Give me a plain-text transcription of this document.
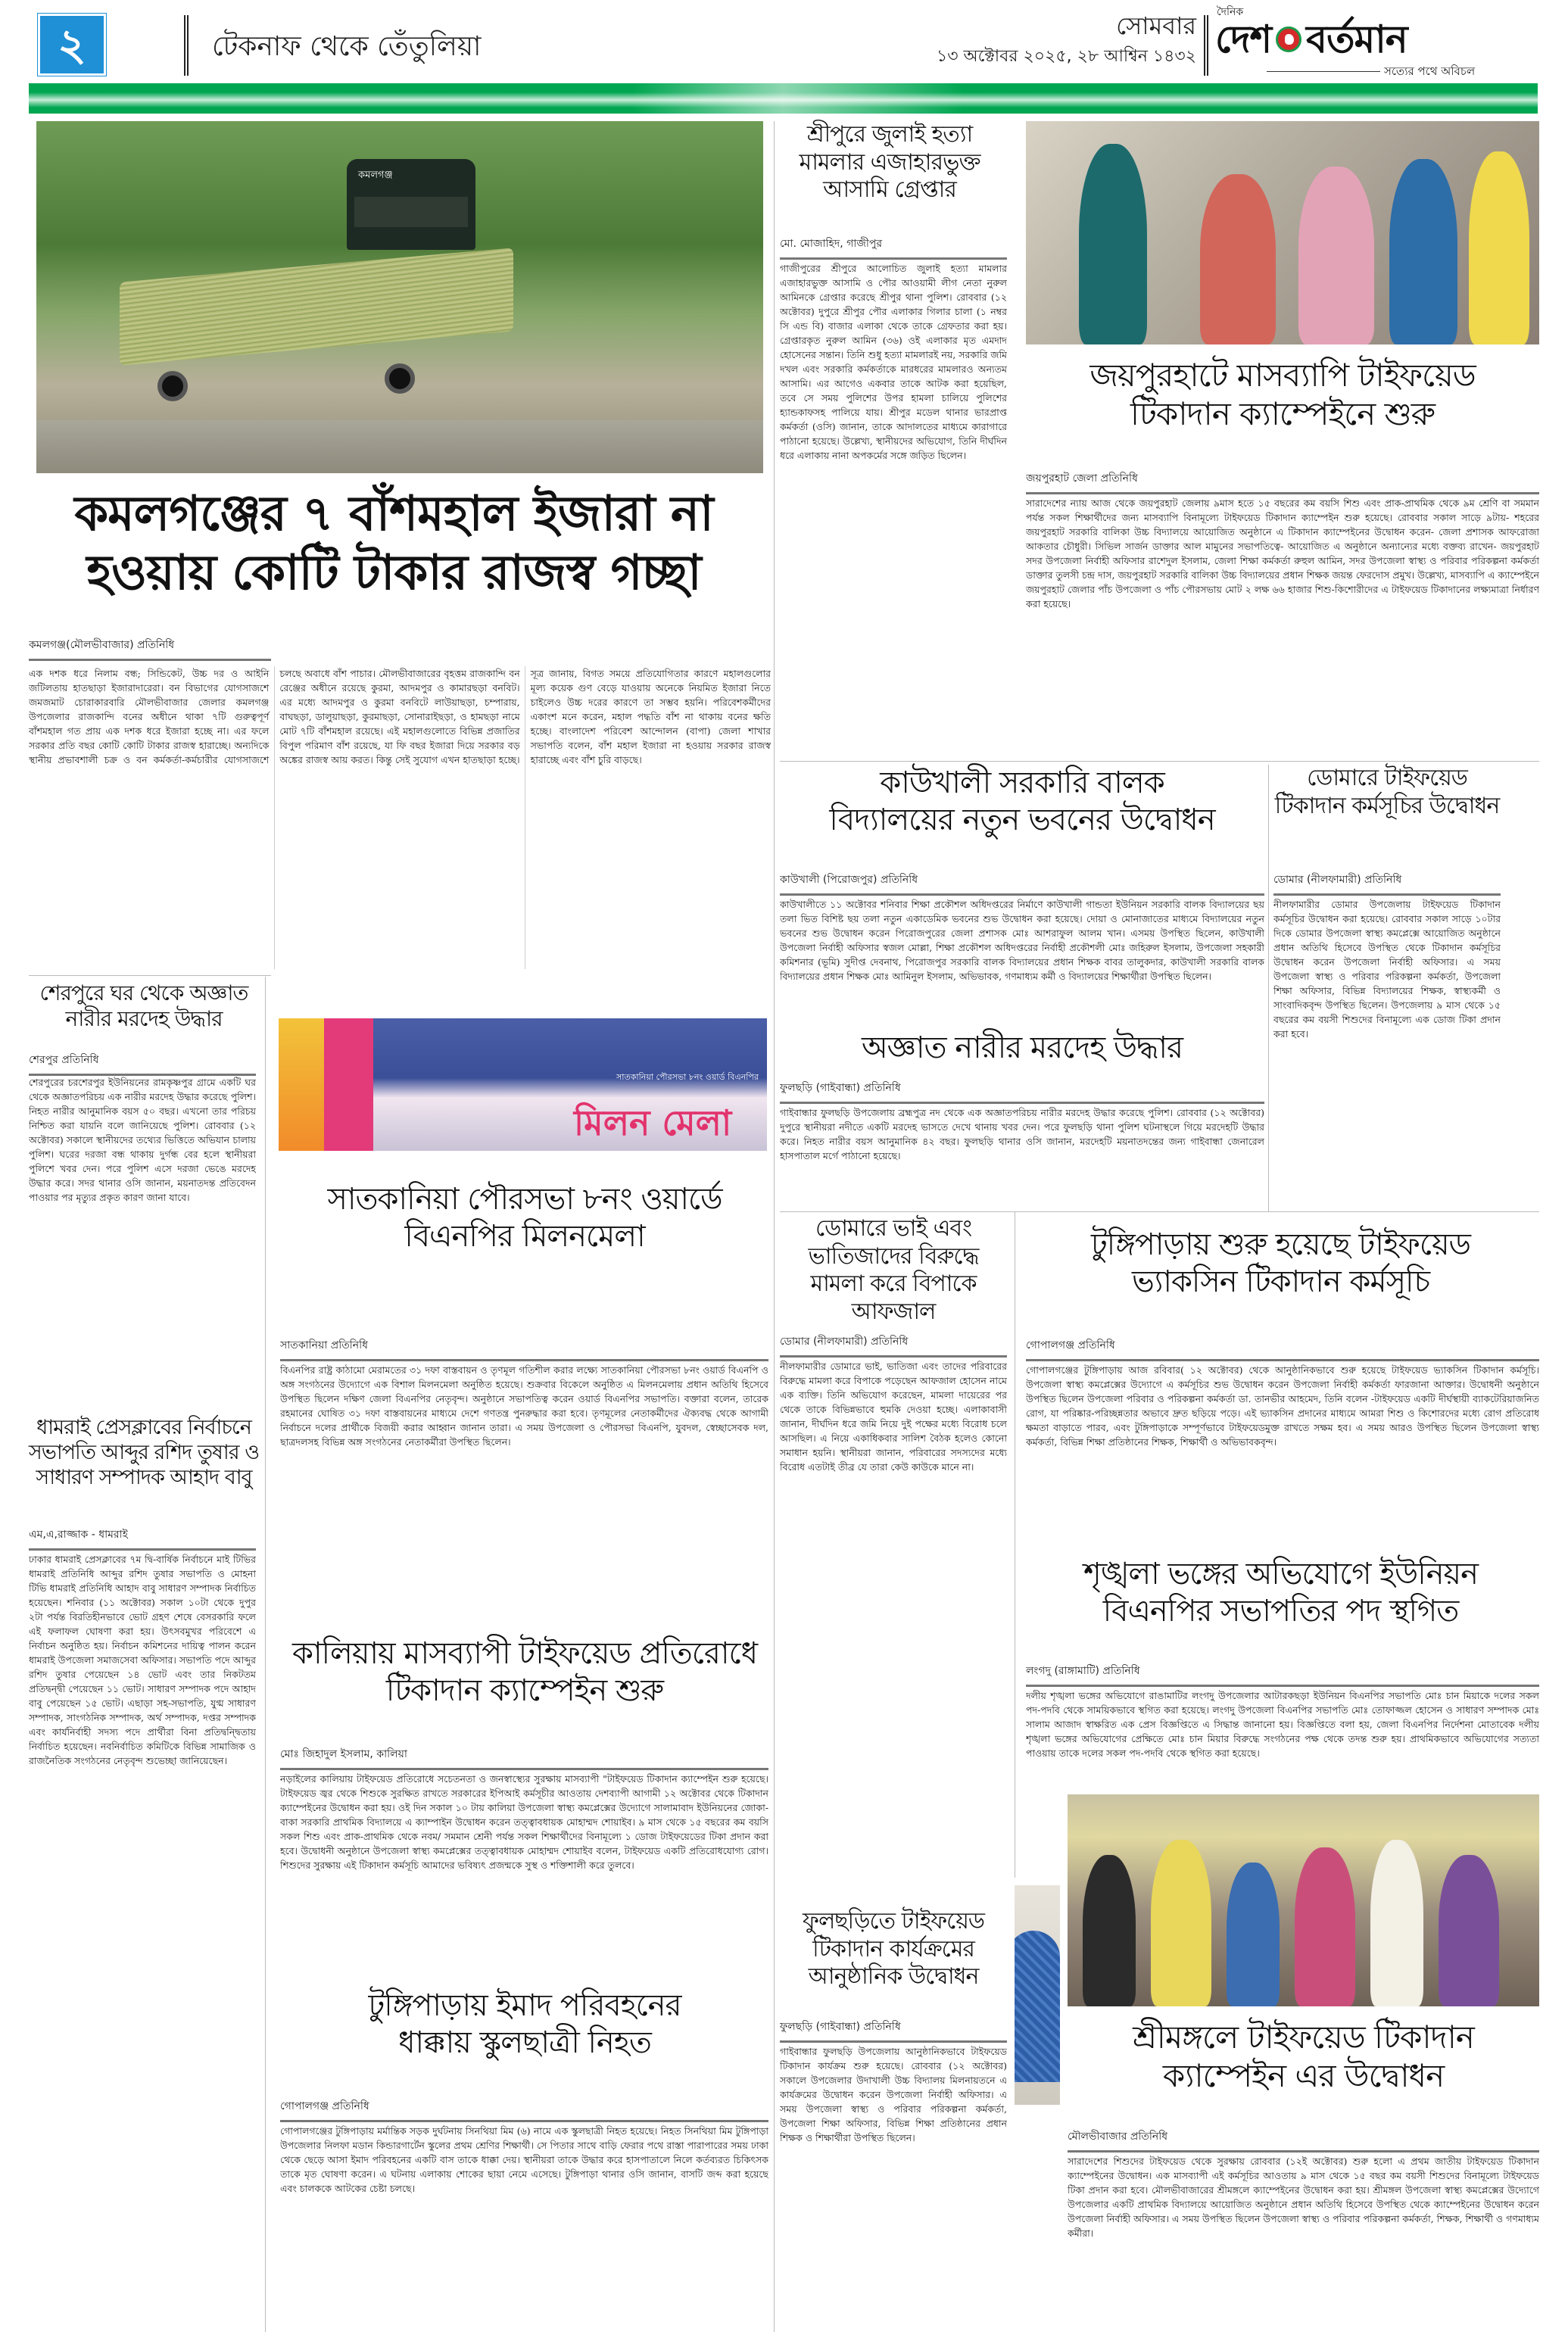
২	টেকনাফ থেকে তেঁতুলিয়া
সোমবার
১৩ অক্টোবর ২০২৫, ২৮ আশ্বিন ১৪৩২
দৈনিক
দেশ বর্তমান
সত্যের পথে অবিচল
কমলগঞ্জ
কমলগঞ্জের ৭ বাঁশমহাল ইজারা না
হওয়ায় কোটি টাকার রাজস্ব গচ্ছা
কমলগঞ্জ(মৌলভীবাজার) প্রতিনিধি
এক দশক ধরে নিলাম বন্ধ; সিন্ডিকেট, উচ্চ দর ও আইনি জটিলতায় হাতছাড়া ইজারাদারেরা। বন বিভাগের যোগসাজশে জমজমাট চোরাকারবারি মৌলভীবাজার জেলার কমলগঞ্জ উপজেলার রাজকান্দি বনের অধীনে থাকা ৭টি গুরুত্বপূর্ণ বাঁশমহাল গত প্রায় এক দশক ধরে ইজারা হচ্ছে না। এর ফলে সরকার প্রতি বছর কোটি কোটি টাকার রাজস্ব হারাচ্ছে। অন্যদিকে স্থানীয় প্রভাবশালী চক্র ও বন কর্মকর্তা-কর্মচারীর যোগসাজশে চলছে অবাধে বাঁশ পাচার। মৌলভীবাজারের বৃহত্তম রাজকান্দি বন রেঞ্জের অধীনে রয়েছে কুরমা, আদমপুর ও কামারছড়া বনবিট। এর মধ্যে আদমপুর ও কুরমা বনবিটে লাউয়াছড়া, চম্পারায়, বাঘছড়া, ডালুয়াছড়া, কুরমাছড়া, সোনারাইছড়া, ও হামছড়া নামে মোট ৭টি বাঁশমহাল রয়েছে। এই মহালগুলোতে বিভিন্ন প্রজাতির বিপুল পরিমাণ বাঁশ রয়েছে, যা ফি বছর ইজারা দিয়ে সরকার বড় অঙ্কের রাজস্ব আয় করত। কিন্তু সেই সুযোগ এখন হাতছাড়া হচ্ছে। সূত্র জানায়, বিগত সময়ে প্রতিযোগিতার কারণে মহালগুলোর মূল্য কয়েক গুণ বেড়ে যাওয়ায় অনেকে নিয়মিত ইজারা নিতে চাইলেও উচ্চ দরের কারণে তা সম্ভব হয়নি। পরিবেশকর্মীদের একাংশ মনে করেন, মহাল পদ্ধতি বাঁশ না থাকায় বনের ক্ষতি হচ্ছে। বাংলাদেশ পরিবেশ আন্দোলন (বাপা) জেলা শাখার সভাপতি বলেন, বাঁশ মহাল ইজারা না হওয়ায় সরকার রাজস্ব হারাচ্ছে এবং বাঁশ চুরি বাড়ছে।
শেরপুরে ঘর থেকে অজ্ঞাত নারীর মরদেহ উদ্ধার
শেরপুর প্রতিনিধি
শেরপুরের চরশেরপুর ইউনিয়নের রামকৃষ্ণপুর গ্রামে একটি ঘর থেকে অজ্ঞাতপরিচয় এক নারীর মরদেহ উদ্ধার করেছে পুলিশ। নিহত নারীর আনুমানিক বয়স ৫০ বছর। এখনো তার পরিচয় নিশ্চিত করা যায়নি বলে জানিয়েছে পুলিশ। রোববার (১২ অক্টোবর) সকালে স্থানীয়দের তথ্যের ভিত্তিতে অভিযান চালায় পুলিশ। ঘরের দরজা বন্ধ থাকায় দুর্গন্ধ বের হলে স্থানীয়রা পুলিশে খবর দেন। পরে পুলিশ এসে দরজা ভেঙে মরদেহ উদ্ধার করে। সদর থানার ওসি জানান, ময়নাতদন্ত প্রতিবেদন পাওয়ার পর মৃত্যুর প্রকৃত কারণ জানা যাবে।
ধামরাই প্রেসক্লাবের নির্বাচনে সভাপতি আব্দুর রশিদ তুষার ও সাধারণ সম্পাদক আহাদ বাবু
এম,এ,রাজ্জাক - ধামরাই
ঢাকার ধামরাই প্রেসক্লাবের ৭ম দ্বি-বার্ষিক নির্বাচনে মাই টিভির ধামরাই প্রতিনিধি আব্দুর রশিদ তুষার সভাপতি ও মোহনা টিভি ধামরাই প্রতিনিধি আহাদ বাবু সাধারণ সম্পাদক নির্বাচিত হয়েছেন। শনিবার (১১ অক্টোবর) সকাল ১০টা থেকে দুপুর ২টা পর্যন্ত বিরতিহীনভাবে ভোট গ্রহণ শেষে বেসরকারি ফলে এই ফলাফল ঘোষণা করা হয়। উৎসবমুখর পরিবেশে এ নির্বাচন অনুষ্ঠিত হয়। নির্বাচন কমিশনের দায়িত্ব পালন করেন ধামরাই উপজেলা সমাজসেবা অফিসার। সভাপতি পদে আব্দুর রশিদ তুষার পেয়েছেন ১৪ ভোট এবং তার নিকটতম প্রতিদ্বন্দ্বী পেয়েছেন ১১ ভোট। সাধারণ সম্পাদক পদে আহাদ বাবু পেয়েছেন ১৫ ভোট। এছাড়া সহ-সভাপতি, যুগ্ম সাধারণ সম্পাদক, সাংগঠনিক সম্পাদক, অর্থ সম্পাদক, দপ্তর সম্পাদক এবং কার্যনির্বাহী সদস্য পদে প্রার্থীরা বিনা প্রতিদ্বন্দ্বিতায় নির্বাচিত হয়েছেন। নবনির্বাচিত কমিটিকে বিভিন্ন সামাজিক ও রাজনৈতিক সংগঠনের নেতৃবৃন্দ শুভেচ্ছা জানিয়েছেন।
সাতকানিয়া পৌরসভা ৮নং ওয়ার্ড বিএনপির
মিলন মেলা
সাতকানিয়া পৌরসভা ৮নং ওয়ার্ডে
বিএনপির মিলনমেলা
সাতকানিয়া প্রতিনিধি
বিএনপির রাষ্ট্র কাঠামো মেরামতের ৩১ দফা বাস্তবায়ন ও তৃণমূল গতিশীল করার লক্ষ্যে সাতকানিয়া পৌরসভা ৮নং ওয়ার্ড বিএনপি ও অঙ্গ সংগঠনের উদ্যোগে এক বিশাল মিলনমেলা অনুষ্ঠিত হয়েছে। শুক্রবার বিকেলে অনুষ্ঠিত এ মিলনমেলায় প্রধান অতিথি হিসেবে উপস্থিত ছিলেন দক্ষিণ জেলা বিএনপির নেতৃবৃন্দ। অনুষ্ঠানে সভাপতিত্ব করেন ওয়ার্ড বিএনপির সভাপতি। বক্তারা বলেন, তারেক রহমানের ঘোষিত ৩১ দফা বাস্তবায়নের মাধ্যমে দেশে গণতন্ত্র পুনরুদ্ধার করা হবে। তৃণমূলের নেতাকর্মীদের ঐক্যবদ্ধ থেকে আগামী নির্বাচনে দলের প্রার্থীকে বিজয়ী করার আহ্বান জানান তারা। এ সময় উপজেলা ও পৌরসভা বিএনপি, যুবদল, স্বেচ্ছাসেবক দল, ছাত্রদলসহ বিভিন্ন অঙ্গ সংগঠনের নেতাকর্মীরা উপস্থিত ছিলেন।
কালিয়ায় মাসব্যাপী টাইফয়েড প্রতিরোধে
টিকাদান ক্যাম্পেইন শুরু
মোঃ জিহাদুল ইসলাম, কালিয়া
নড়াইলের কালিয়ায় টাইফয়েড প্রতিরোধে সচেতনতা ও জনস্বাস্থ্যের সুরক্ষায় মাসব্যাপী "টাইফয়েড টিকাদান ক্যাম্পেইন শুরু হয়েছে। টাইফয়েড জ্বর থেকে শিশুকে সুরক্ষিত রাখতে সরকারের ইপিআই কর্মসূচীর আওতায় দেশব্যাপী আগামী ১২ অক্টোবর থেকে টিকাদান ক্যাম্পেইনের উদ্বোধন করা হয়। ওই দিন সকাল ১০ টায় কালিয়া উপজেলা স্বাস্থ্য কমপ্লেক্সের উদ্যোগে সালামাবাদ ইউনিয়নের জোকা-বাকা সরকারি প্রাথমিক বিদ্যালয়ে এ ক্যাম্পাইন উদ্বোধন করেন তত্ত্বাবধায়ক মোহাম্মদ শোয়াইব। ৯ মাস থেকে ১৫ বছরের কম বয়সি সকল শিশু এবং প্রাক-প্রাথমিক থেকে নবম/ সমমান শ্রেনী পর্যন্ত সকল শিক্ষার্থীদের বিনামূল্যে ১ ডোজ টাইফয়েডের টিকা প্রদান করা হবে। উদ্বোধনী অনুষ্ঠানে উপজেলা স্বাস্থ্য কমপ্লেক্সের তত্ত্বাবধায়ক মোহাম্মদ শোয়াইব বলেন, টাইফয়েড একটি প্রতিরোধযোগ্য রোগ। শিশুদের সুরক্ষায় এই টিকাদান কর্মসূচি আমাদের ভবিষ্যৎ প্রজন্মকে সুস্থ ও শক্তিশালী করে তুলবে।
টুঙ্গিপাড়ায় ইমাদ পরিবহনের
ধাক্কায় স্কুলছাত্রী নিহত
গোপালগঞ্জ প্রতিনিধি
গোপালগঞ্জের টুঙ্গিপাড়ায় মর্মান্তিক সড়ক দুর্ঘটনায় সিনথিয়া মিম (৬) নামে এক স্কুলছাত্রী নিহত হয়েছে। নিহত সিনথিয়া মিম টুঙ্গিপাড়া উপজেলার নিলফা মডান কিন্ডারগার্টেন স্কুলের প্রথম শ্রেণির শিক্ষার্থী। সে পিতার সাথে বাড়ি ফেরার পথে রাস্তা পারাপারের সময় ঢাকা থেকে ছেড়ে আসা ইমাদ পরিবহনের একটি বাস তাকে ধাক্কা দেয়। স্থানীয়রা তাকে উদ্ধার করে হাসপাতালে নিলে কর্তব্যরত চিকিৎসক তাকে মৃত ঘোষণা করেন। এ ঘটনায় এলাকায় শোকের ছায়া নেমে এসেছে। টুঙ্গিপাড়া থানার ওসি জানান, বাসটি জব্দ করা হয়েছে এবং চালককে আটকের চেষ্টা চলছে।
শ্রীপুরে জুলাই হত্যা মামলার এজাহারভুক্ত আসামি গ্রেপ্তার
মো. মোজাহিদ, গাজীপুর
গাজীপুরের শ্রীপুরে আলোচিত জুলাই হত্যা মামলার এজাহারভুক্ত আসামি ও পৌর আওয়ামী লীগ নেতা নুরুল আমিনকে গ্রেপ্তার করেছে শ্রীপুর থানা পুলিশ। রোববার (১২ অক্টোবর) দুপুরে শ্রীপুর পৌর এলাকার গিলার চালা (১ নম্বর সি এন্ড বি) বাজার এলাকা থেকে তাকে গ্রেফতার করা হয়। গ্রেপ্তারকৃত নুরুল আমিন (৩৬) ওই এলাকার মৃত এমদাদ হোসেনের সন্তান। তিনি শুধু হত্যা মামলারই নয়, সরকারি জমি দখল এবং সরকারি কর্মকর্তাকে মারধরের মামলারও অন্যতম আসামি। এর আগেও একবার তাকে আটক করা হয়েছিল, তবে সে সময় পুলিশের উপর হামলা চালিয়ে পুলিশের হ্যান্ডকাফসহ পালিয়ে যায়। শ্রীপুর মডেল থানার ভারপ্রাপ্ত কর্মকর্তা (ওসি) জানান, তাকে আদালতের মাধ্যমে কারাগারে পাঠানো হয়েছে। উল্লেখ্য, স্থানীয়দের অভিযোগ, তিনি দীর্ঘদিন ধরে এলাকায় নানা অপকর্মের সঙ্গে জড়িত ছিলেন।
জয়পুরহাটে মাসব্যাপি টাইফয়েড
টিকাদান ক্যাম্পেইনে শুরু
জয়পুরহাট জেলা প্রতিনিধি
সারাদেশের ন্যায় আজ থেকে জয়পুরহাট জেলায় ৯মাস হতে ১৫ বছরের কম বয়সি শিশু এবং প্রাক-প্রাথমিক থেকে ৯ম শ্রেণি বা সমমান পর্যন্ত সকল শিক্ষার্থীদের জন্য মাসব্যাপি বিনামূল্যে টাইফয়েড টিকাদান ক্যাম্পেইন শুরু হয়েছে। রোববার সকাল সাড়ে ৯টায়- শহরের জয়পুরহাট সরকারি বালিকা উচ্চ বিদ্যালয়ে আয়োজিত অনুষ্ঠানে এ টিকাদান ক্যাম্পেইনের উদ্বোধন করেন- জেলা প্রশাসক আফরোজা আকতার চৌধুরী। সিভিল সার্জন ডাক্তার আল মামুনের সভাপতিত্বে- আয়োজিত এ অনুষ্ঠানে অন্যান্যের মধ্যে বক্তব্য রাখেন- জয়পুরহাট সদর উপজেলা নির্বাহী অফিসার রাশেদুল ইসলাম, জেলা শিক্ষা কর্মকর্তা রুহুল আমিন, সদর উপজেলা স্বাস্থ্য ও পরিবার পরিকল্পনা কর্মকর্তা ডাক্তার তুলসী চন্দ্র দাস, জয়পুরহাট সরকারি বালিকা উচ্চ বিদ্যালয়ের প্রধান শিক্ষক জয়ন্ত ফেরদোস প্রমুখ। উল্লেখ্য, মাসব্যাপি এ ক্যাম্পেইনে জয়পুরহাট জেলার পাঁচ উপজেলা ও পাঁচ পৌরসভায় মোট ২ লক্ষ ৬৬ হাজার শিশু-কিশোরীদের এ টাইফয়েড টিকাদানের লক্ষ্যমাত্রা নির্ধারণ করা হয়েছে।
কাউখালী সরকারি বালক
বিদ্যালয়ের নতুন ভবনের উদ্বোধন
কাউখালী (পিরোজপুর) প্রতিনিধি
কাউখালীতে ১১ অক্টোবর শনিবার শিক্ষা প্রকৌশল অধিদপ্তরের নির্মাণে কাউখালী গান্ডতা ইউনিয়ন সরকারি বালক বিদ্যালয়ের ছয় তলা ভিত বিশিষ্ট ছয় তলা নতুন একাডেমিক ভবনের শুভ উদ্বোধন করা হয়েছে। দোয়া ও মোনাজাতের মাধ্যমে বিদ্যালয়ের নতুন ভবনের শুভ উদ্বোধন করেন পিরোজপুরের জেলা প্রশাসক মোঃ আশরাফুল আলম খান। এসময় উপস্থিত ছিলেন, কাউখালী উপজেলা নির্বাহী অফিসার স্বজল মোল্লা, শিক্ষা প্রকৌশল অধিদপ্তরের নির্বাহী প্রকৌশলী মোঃ জহিরুল ইসলাম, উপজেলা সহকারী কমিশনার (ভূমি) সুদীপ্ত দেবনাথ, পিরোজপুর সরকারি বালক বিদ্যালয়ের প্রধান শিক্ষক বাবর তালুকদার, কাউখালী সরকারি বালক বিদ্যালয়ের প্রধান শিক্ষক মোঃ আমিনুল ইসলাম, অভিভাবক, গণমাধ্যম কর্মী ও বিদ্যালয়ের শিক্ষার্থীরা উপস্থিত ছিলেন।
অজ্ঞাত নারীর মরদেহ উদ্ধার
ফুলছড়ি (গাইবান্ধা) প্রতিনিধি
গাইবান্ধার ফুলছড়ি উপজেলায় ব্রহ্মপুত্র নদ থেকে এক অজ্ঞাতপরিচয় নারীর মরদেহ উদ্ধার করেছে পুলিশ। রোববার (১২ অক্টোবর) দুপুরে স্থানীয়রা নদীতে একটি মরদেহ ভাসতে দেখে থানায় খবর দেন। পরে ফুলছড়ি থানা পুলিশ ঘটনাস্থলে গিয়ে মরদেহটি উদ্ধার করে। নিহত নারীর বয়স আনুমানিক ৪২ বছর। ফুলছড়ি থানার ওসি জানান, মরদেহটি ময়নাতদন্তের জন্য গাইবান্ধা জেনারেল হাসপাতাল মর্গে পাঠানো হয়েছে।
ডোমারে টাইফয়েড টিকাদান কর্মসূচির উদ্বোধন
ডোমার (নীলফামারী) প্রতিনিধি
নীলফামারীর ডোমার উপজেলায় টাইফয়েড টিকাদান কর্মসূচির উদ্বোধন করা হয়েছে। রোববার সকাল সাড়ে ১০টার দিকে ডোমার উপজেলা স্বাস্থ্য কমপ্লেক্সে আয়োজিত অনুষ্ঠানে প্রধান অতিথি হিসেবে উপস্থিত থেকে টিকাদান কর্মসূচির উদ্বোধন করেন উপজেলা নির্বাহী অফিসার। এ সময় উপজেলা স্বাস্থ্য ও পরিবার পরিকল্পনা কর্মকর্তা, উপজেলা শিক্ষা অফিসার, বিভিন্ন বিদ্যালয়ের শিক্ষক, স্বাস্থ্যকর্মী ও সাংবাদিকবৃন্দ উপস্থিত ছিলেন। উপজেলায় ৯ মাস থেকে ১৫ বছরের কম বয়সী শিশুদের বিনামূল্যে এক ডোজ টিকা প্রদান করা হবে।
ডোমারে ভাই এবং ভাতিজাদের বিরুদ্ধে মামলা করে বিপাকে আফজাল
ডোমার (নীলফামারী) প্রতিনিধি
নীলফামারীর ডোমারে ভাই, ভাতিজা এবং তাদের পরিবারের বিরুদ্ধে মামলা করে বিপাকে পড়েছেন আফজাল হোসেন নামে এক ব্যক্তি। তিনি অভিযোগ করেছেন, মামলা দায়েরের পর থেকে তাকে বিভিন্নভাবে হুমকি দেওয়া হচ্ছে। এলাকাবাসী জানান, দীর্ঘদিন ধরে জমি নিয়ে দুই পক্ষের মধ্যে বিরোধ চলে আসছিল। এ নিয়ে একাধিকবার সালিশ বৈঠক হলেও কোনো সমাধান হয়নি। স্থানীয়রা জানান, পরিবারের সদস্যদের মধ্যে বিরোধ এতটাই তীব্র যে তারা কেউ কাউকে মানে না।
ফুলছড়িতে টাইফয়েড টিকাদান কার্যক্রমের আনুষ্ঠানিক উদ্বোধন
ফুলছড়ি (গাইবান্ধা) প্রতিনিধি
গাইবান্ধার ফুলছড়ি উপজেলায় আনুষ্ঠানিকভাবে টাইফয়েড টিকাদান কার্যক্রম শুরু হয়েছে। রোববার (১২ অক্টোবর) সকালে উপজেলার উদাখালী উচ্চ বিদ্যালয় মিলনায়তনে এ কার্যক্রমের উদ্বোধন করেন উপজেলা নির্বাহী অফিসার। এ সময় উপজেলা স্বাস্থ্য ও পরিবার পরিকল্পনা কর্মকর্তা, উপজেলা শিক্ষা অফিসার, বিভিন্ন শিক্ষা প্রতিষ্ঠানের প্রধান শিক্ষক ও শিক্ষার্থীরা উপস্থিত ছিলেন।
টুঙ্গিপাড়ায় শুরু হয়েছে টাইফয়েড
ভ্যাকসিন টিকাদান কর্মসূচি
গোপালগঞ্জ প্রতিনিধি
গোপালগঞ্জের টুঙ্গিপাড়ায় আজ রবিবার( ১২ অক্টোবর) থেকে আনুষ্ঠানিকভাবে শুরু হয়েছে টাইফয়েড ভ্যাকসিন টিকাদান কর্মসূচি। উপজেলা স্বাস্থ্য কমপ্লেক্সের উদ্যোগে এ কর্মসূচির শুভ উদ্বোধন করেন উপজেলা নির্বাহী কর্মকর্তা ফারজানা আক্তার। উদ্বোধনী অনুষ্ঠানে উপস্থিত ছিলেন উপজেলা পরিবার ও পরিকল্পনা কর্মকর্তা ডা. তানভীর আহমেদ, তিনি বলেন -টাইফয়েড একটি দীর্ঘস্থায়ী ব্যাকটেরিয়াজনিত রোগ, যা পরিষ্কার-পরিচ্ছন্নতার অভাবে দ্রুত ছড়িয়ে পড়ে। এই ভ্যাকসিন প্রদানের মাধ্যমে আমরা শিশু ও কিশোরদের মধ্যে রোগ প্রতিরোধ ক্ষমতা বাড়াতে পারব, এবং টুঙ্গিপাড়াকে সম্পূর্ণভাবে টাইফয়েডমুক্ত রাখতে সক্ষম হব। এ সময় আরও উপস্থিত ছিলেন উপজেলা স্বাস্থ্য কর্মকর্তা, বিভিন্ন শিক্ষা প্রতিষ্ঠানের শিক্ষক, শিক্ষার্থী ও অভিভাবকবৃন্দ।
শৃঙ্খলা ভঙ্গের অভিযোগে ইউনিয়ন
বিএনপির সভাপতির পদ স্থগিত
লংগদু (রাঙ্গামাটি) প্রতিনিধি
দলীয় শৃঙ্খলা ভঙ্গের অভিযোগে রাঙামাটির লংগদু উপজেলার আটারকছড়া ইউনিয়ন বিএনপির সভাপতি মোঃ চান মিয়াকে দলের সকল পদ-পদবি থেকে সাময়িকভাবে স্থগিত করা হয়েছে। লংগদু উপজেলা বিএনপির সভাপতি মোঃ তোফাজ্জল হোসেন ও সাধারণ সম্পাদক মোঃ সালাম আজাদ স্বাক্ষরিত এক প্রেস বিজ্ঞপ্তিতে এ সিদ্ধান্ত জানানো হয়। বিজ্ঞপ্তিতে বলা হয়, জেলা বিএনপির নির্দেশনা মোতাবেক দলীয় শৃঙ্খলা ভঙ্গের অভিযোগের প্রেক্ষিতে মোঃ চান মিয়ার বিরুদ্ধে সংগঠনের পক্ষ থেকে তদন্ত শুরু হয়। প্রাথমিকভাবে অভিযোগের সত্যতা পাওয়ায় তাকে দলের সকল পদ-পদবি থেকে স্থগিত করা হয়েছে।
শ্রীমঙ্গলে টাইফয়েড টিকাদান
ক্যাম্পেইন এর উদ্বোধন
মৌলভীবাজার প্রতিনিধি
সারাদেশের শিশুদের টাইফয়েড থেকে সুরক্ষায় রোববার (১২ই অক্টোবর) শুরু হলো এ প্রথম জাতীয় টাইফয়েড টিকাদান ক্যাম্পেইনের উদ্বোধন। এক মাসব্যাপী এই কর্মসূচির আওতায় ৯ মাস থেকে ১৫ বছর কম বয়সী শিশুদের বিনামূল্যে টাইফয়েড টিকা প্রদান করা হবে। মৌলভীবাজারের শ্রীমঙ্গলে ক্যাম্পেইনের উদ্বোধন করা হয়। শ্রীমঙ্গল উপজেলা স্বাস্থ্য কমপ্লেক্সের উদ্যোগে উপজেলার একটি প্রাথমিক বিদ্যালয়ে আয়োজিত অনুষ্ঠানে প্রধান অতিথি হিসেবে উপস্থিত থেকে ক্যাম্পেইনের উদ্বোধন করেন উপজেলা নির্বাহী অফিসার। এ সময় উপস্থিত ছিলেন উপজেলা স্বাস্থ্য ও পরিবার পরিকল্পনা কর্মকর্তা, শিক্ষক, শিক্ষার্থী ও গণমাধ্যম কর্মীরা।
